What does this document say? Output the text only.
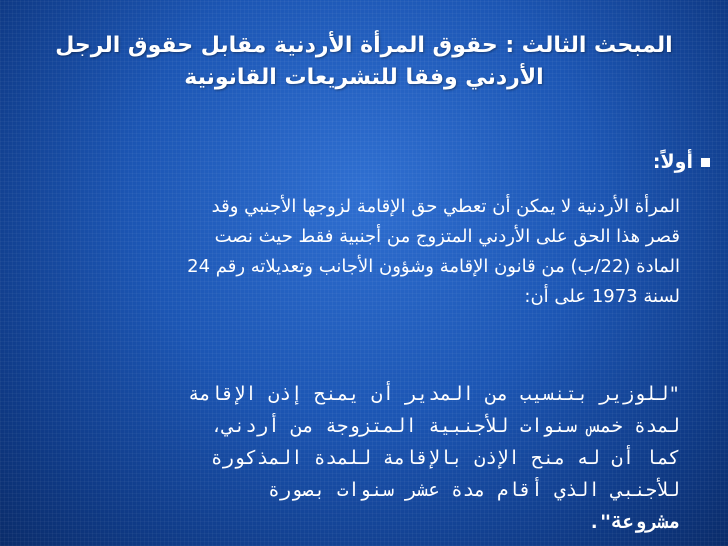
المبحث الثالث : حقوق المرأة الأردنية مقابل حقوق الرجل
الأردني وفقا للتشريعات القانونية
أولاً:
المرأة الأردنية لا يمكن أن تعطي حق الإقامة لزوجها الأجنبي وقد
قصر هذا الحق على الأردني المتزوج من أجنبية فقط حيث نصت
المادة (22/ب) من قانون الإقامة وشؤون الأجانب وتعديلاته رقم 24
لسنة 1973 على أن:
"للوزير بتنسيب من المدير أن يمنح إذن الإقامة
لمدة خمس سنوات للأجنبية المتزوجة من أردني،
كما أن له منح الإذن بالإقامة للمدة المذكورة
للأجنبي الذي أقام مدة عشر سنوات بصورة
مشروعة".
